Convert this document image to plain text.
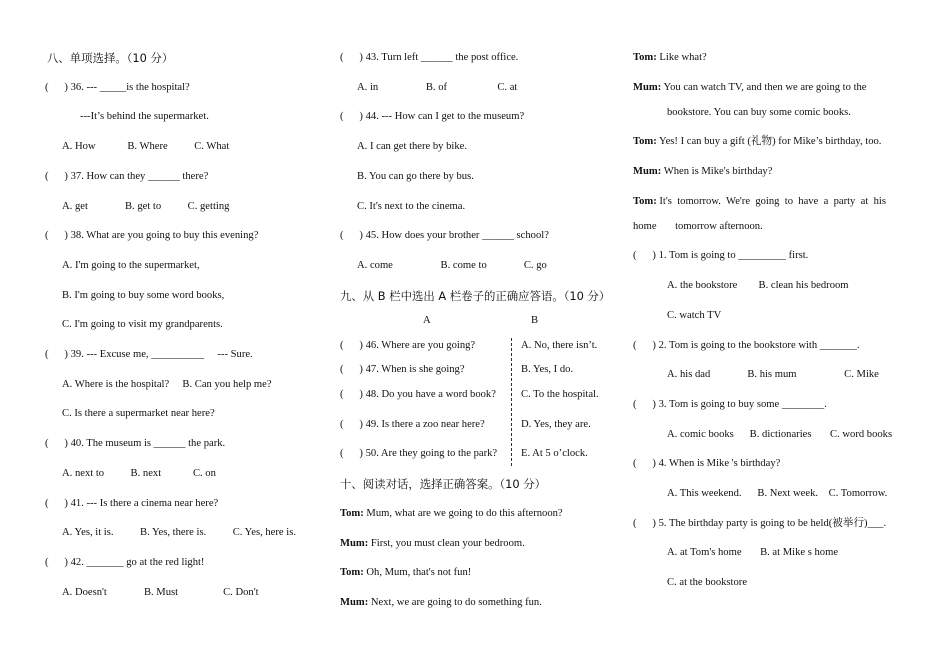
八、单项选择。（10 分）
(      ) 36. --- _____is the hospital?
---It’s behind the supermarket.
A. How            B. Where          C. What
(      ) 37. How can they ______ there?
A. get              B. get to          C. getting
(      ) 38. What are you going to buy this evening?
A. I'm going to the supermarket,
B. I'm going to buy some word books,
C. I'm going to visit my grandparents.
(      ) 39. --- Excuse me, __________     --- Sure.
A. Where is the hospital?     B. Can you help me?
C. Is there a supermarket near here?
(      ) 40. The museum is ______ the park.
A. next to          B. next            C. on
(      ) 41. --- Is there a cinema near here?
A. Yes, it is.          B. Yes, there is.          C. Yes, here is.
(      ) 42. _______ go at the red light!
A. Doesn't              B. Must                 C. Don't
(      ) 43. Turn left ______ the post office.
A. in                  B. of                   C. at
(      ) 44. --- How can I get to the museum?
A. I can get there by bike.
B. You can go there by bus.
C. It's next to the cinema.
(      ) 45. How does your brother ______ school?
A. come                  B. come to              C. go
九、从 B 栏中选出 A 栏卷子的正确应答语。（10 分）
A	B
(      ) 46. Where are you going?
(      ) 47. When is she going?
(      ) 48. Do you have a word book?
(      ) 49. Is there a zoo near here?
(      ) 50. Are they going to the park?
A. No, there isn’t.
B. Yes, I do.
C. To the hospital.
D. Yes, they are.
E. At 5 o’clock.
十、阅读对话，选择正确答案。（10 分）
Tom: Mum, what are we going to do this afternoon?
Mum: First, you must clean your bedroom.
Tom: Oh, Mum, that's not fun!
Mum: Next, we are going to do something fun.
Tom: Like what?
Mum: You can watch TV, and then we are going to the
bookstore. You can buy some comic books.
Tom: Yes! I can buy a gift (礼物) for Mike’s birthday, too.
Mum: When is Mike's birthday?
Tom: It's  tomorrow.  We're  going  to  have  a  party  at  his
home       tomorrow afternoon.
(      ) 1. Tom is going to _________ first.
A. the bookstore        B. clean his bedroom
C. watch TV
(      ) 2. Tom is going to the bookstore with _______.
A. his dad              B. his mum                  C. Mike
(      ) 3. Tom is going to buy some ________.
A. comic books      B. dictionaries       C. word books
(      ) 4. When is Mike 's birthday?
A. This weekend.      B. Next week.    C. Tomorrow.
(      ) 5. The birthday party is going to be held(被举行)___.
A. at Tom's home       B. at Mike s home
C. at the bookstore
